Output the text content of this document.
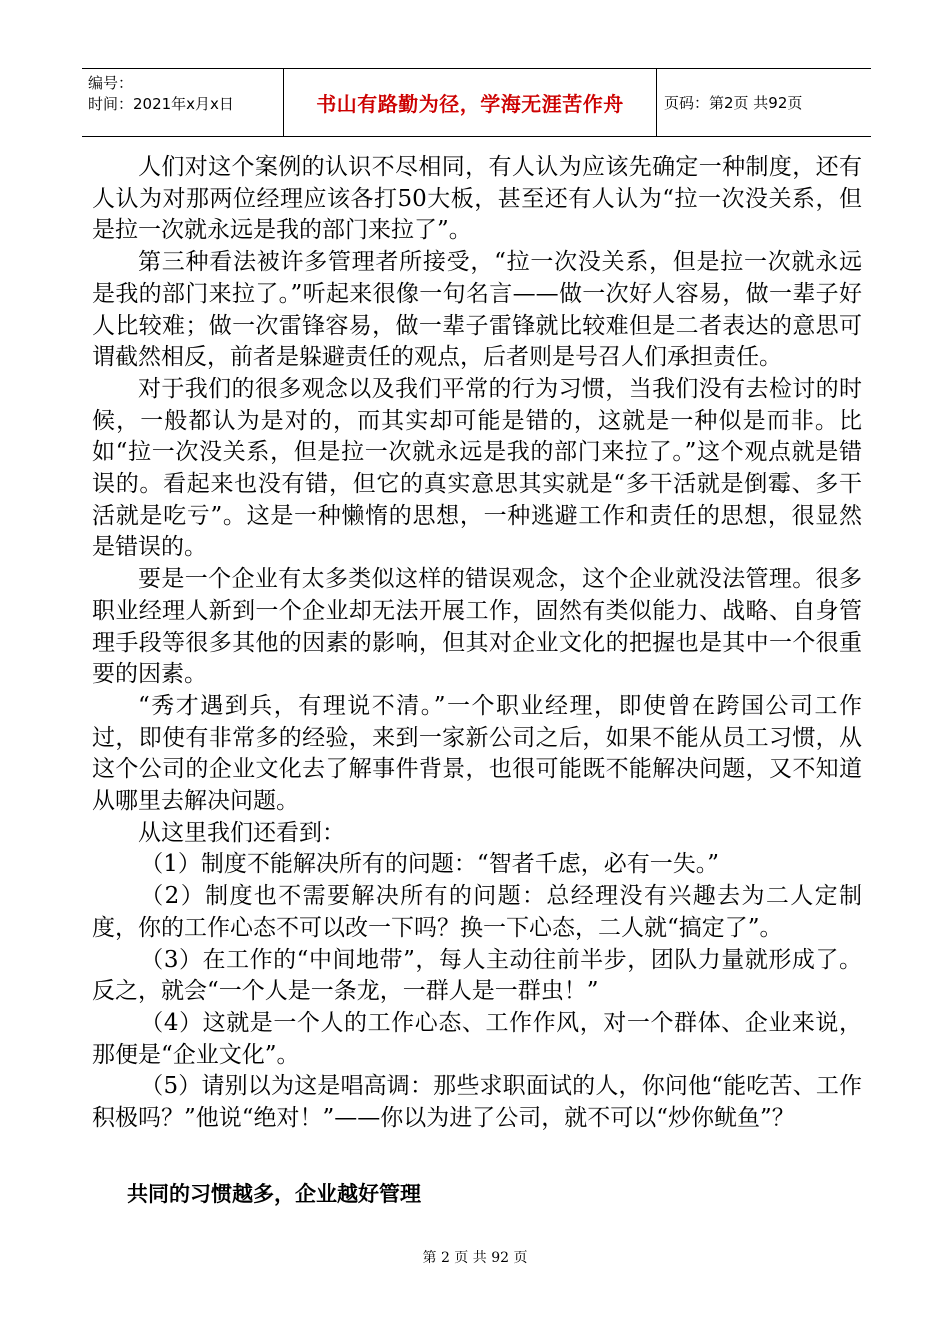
编号：
时间：2021年x月x日	书山有路勤为径，学海无涯苦作舟	页码：第2页 共92页

人们对这个案例的认识不尽相同，有人认为应该先确定一种制度，还有人认为对那两位经理应该各打50大板，甚至还有人认为“拉一次没关系，但是拉一次就永远是我的部门来拉了”。

第三种看法被许多管理者所接受，“拉一次没关系，但是拉一次就永远是我的部门来拉了。”听起来很像一句名言——做一次好人容易，做一辈子好人比较难；做一次雷锋容易，做一辈子雷锋就比较难但是二者表达的意思可谓截然相反，前者是躲避责任的观点，后者则是号召人们承担责任。

对于我们的很多观念以及我们平常的行为习惯，当我们没有去检讨的时候，一般都认为是对的，而其实却可能是错的，这就是一种似是而非。比如“拉一次没关系，但是拉一次就永远是我的部门来拉了。”这个观点就是错误的。看起来也没有错，但它的真实意思其实就是“多干活就是倒霉、多干活就是吃亏”。这是一种懒惰的思想，一种逃避工作和责任的思想，很显然是错误的。

要是一个企业有太多类似这样的错误观念，这个企业就没法管理。很多职业经理人新到一个企业却无法开展工作，固然有类似能力、战略、自身管理手段等很多其他的因素的影响，但其对企业文化的把握也是其中一个很重要的因素。

“秀才遇到兵，有理说不清。”一个职业经理，即使曾在跨国公司工作过，即使有非常多的经验，来到一家新公司之后，如果不能从员工习惯，从这个公司的企业文化去了解事件背景，也很可能既不能解决问题，又不知道从哪里去解决问题。

从这里我们还看到：

（1）制度不能解决所有的问题：“智者千虑，必有一失。”

（2）制度也不需要解决所有的问题：总经理没有兴趣去为二人定制度，你的工作心态不可以改一下吗？换一下心态，二人就“搞定了”。

（3）在工作的“中间地带”，每人主动往前半步，团队力量就形成了。反之，就会“一个人是一条龙，一群人是一群虫！”

（4）这就是一个人的工作心态、工作作风，对一个群体、企业来说，那便是“企业文化”。

（5）请别以为这是唱高调：那些求职面试的人，你问他“能吃苦、工作积极吗？”他说“绝对！”——你以为进了公司，就不可以“炒你鱿鱼”？

共同的习惯越多，企业越好管理
第 2 页 共 92 页
